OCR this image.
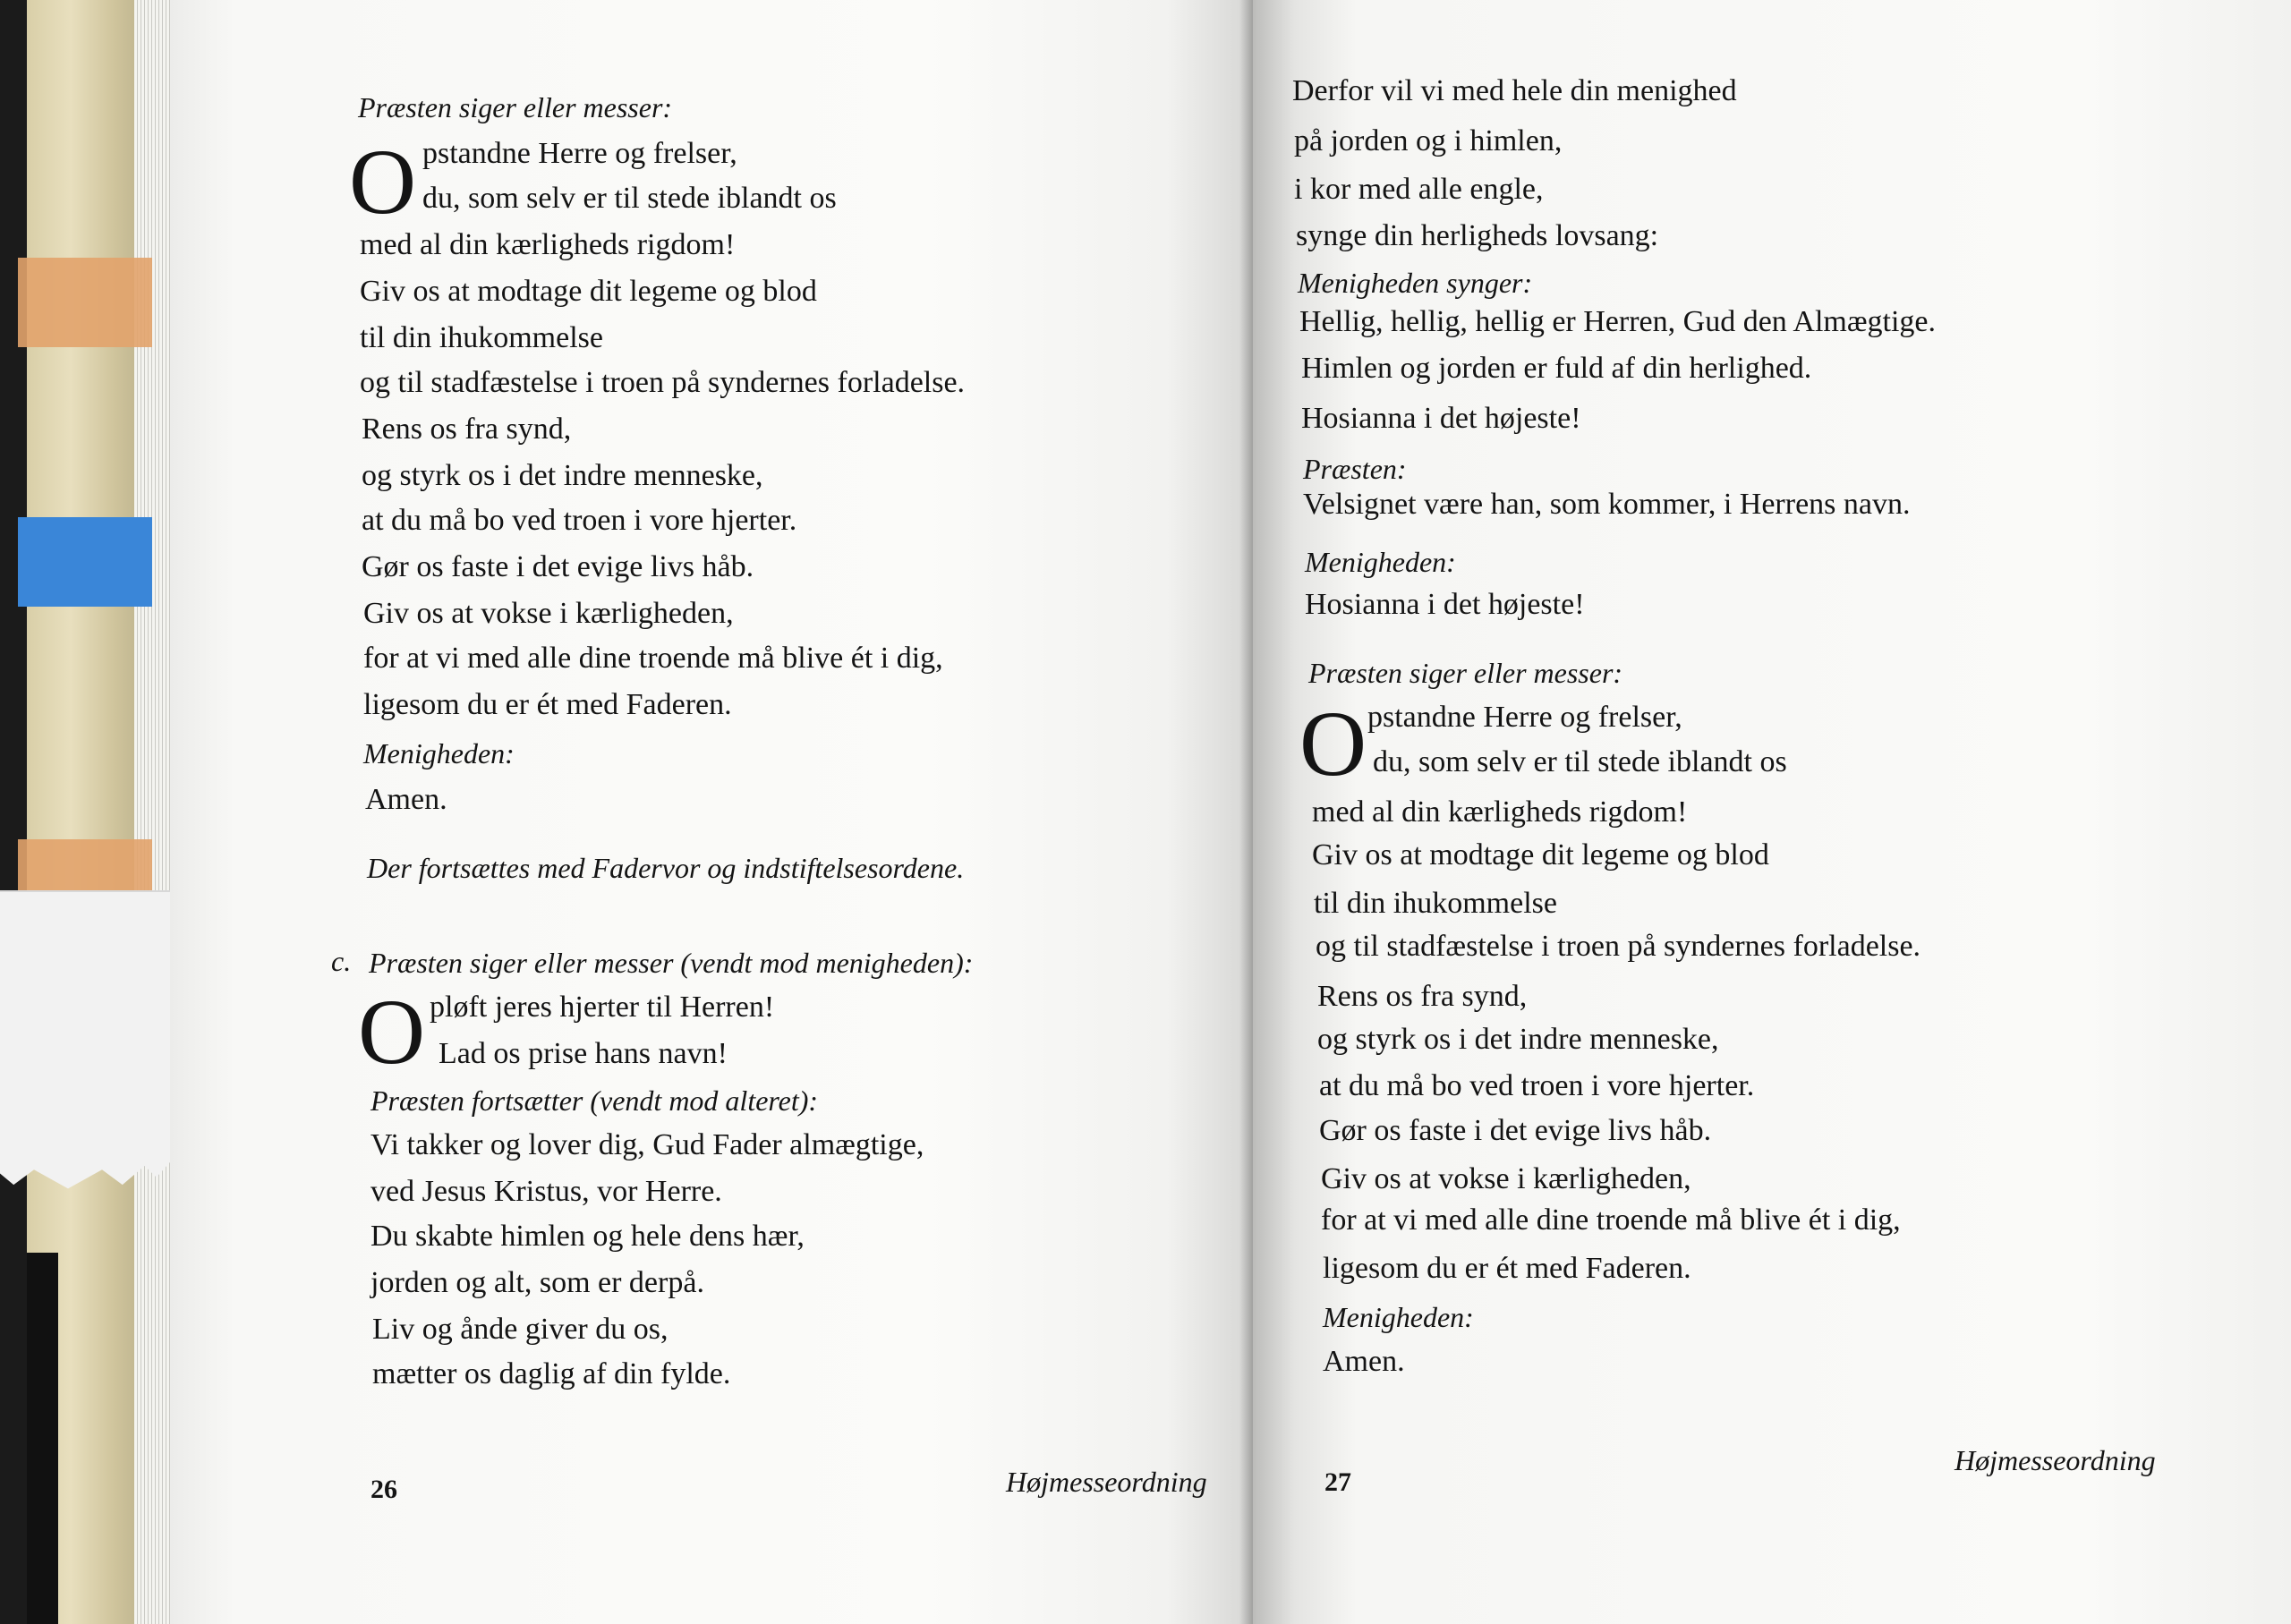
Præsten siger eller messer:
O pstandne Herre og frelser,
du, som selv er til stede iblandt os
med al din kærligheds rigdom!
Giv os at modtage dit legeme og blod
til din ihukommelse
og til stadfæstelse i troen på syndernes forladelse.
Rens os fra synd,
og styrk os i det indre menneske,
at du må bo ved troen i vore hjerter.
Gør os faste i det evige livs håb.
Giv os at vokse i kærligheden,
for at vi med alle dine troende må blive ét i dig,
ligesom du er ét med Faderen.
Menigheden:
Amen.
Der fortsættes med Fadervor og indstiftelsesordene.
c. Præsten siger eller messer (vendt mod menigheden):
O pløft jeres hjerter til Herren!
Lad os prise hans navn!
Præsten fortsætter (vendt mod alteret):
Vi takker og lover dig, Gud Fader almægtige,
ved Jesus Kristus, vor Herre.
Du skabte himlen og hele dens hær,
jorden og alt, som er derpå.
Liv og ånde giver du os,
mætter os daglig af din fylde.
26	Højmesseordning
Derfor vil vi med hele din menighed
på jorden og i himlen,
i kor med alle engle,
synge din herligheds lovsang:
Menigheden synger:
Hellig, hellig, hellig er Herren, Gud den Almægtige.
Himlen og jorden er fuld af din herlighed.
Hosianna i det højeste!
Præsten:
Velsignet være han, som kommer, i Herrens navn.
Menigheden:
Hosianna i det højeste!
Præsten siger eller messer:
O pstandne Herre og frelser,
du, som selv er til stede iblandt os
med al din kærligheds rigdom!
Giv os at modtage dit legeme og blod
til din ihukommelse
og til stadfæstelse i troen på syndernes forladelse.
Rens os fra synd,
og styrk os i det indre menneske,
at du må bo ved troen i vore hjerter.
Gør os faste i det evige livs håb.
Giv os at vokse i kærligheden,
for at vi med alle dine troende må blive ét i dig,
ligesom du er ét med Faderen.
Menigheden:
Amen.
27
Højmesseordning
